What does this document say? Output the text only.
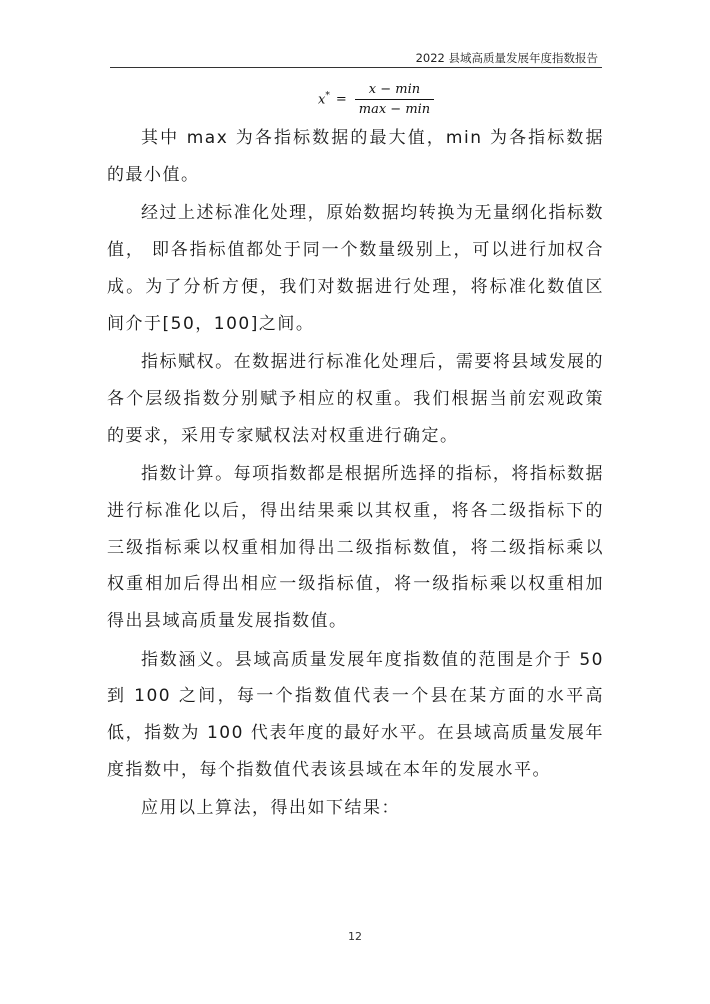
2022 县域高质量发展年度指数报告
$x^* = \frac{x - \min}{\max - \min}$

其中 max 为各指标数据的最大值，min 为各指标数据的最小值。

经过上述标准化处理，原始数据均转换为无量纲化指标数值， 即各指标值都处于同一个数量级别上，可以进行加权合成。为了分析方便，我们对数据进行处理，将标准化数值区间介于[50，100]之间。

指标赋权。在数据进行标准化处理后，需要将县域发展的各个层级指数分别赋予相应的权重。我们根据当前宏观政策的要求，采用专家赋权法对权重进行确定。

指数计算。每项指数都是根据所选择的指标，将指标数据进行标准化以后，得出结果乘以其权重，将各二级指标下的三级指标乘以权重相加得出二级指标数值，将二级指标乘以权重相加后得出相应一级指标值，将一级指标乘以权重相加得出县域高质量发展指数值。

指数涵义。县域高质量发展年度指数值的范围是介于 50 到 100 之间，每一个指数值代表一个县在某方面的水平高低，指数为 100 代表年度的最好水平。在县域高质量发展年度指数中，每个指数值代表该县域在本年的发展水平。

应用以上算法，得出如下结果：

12
